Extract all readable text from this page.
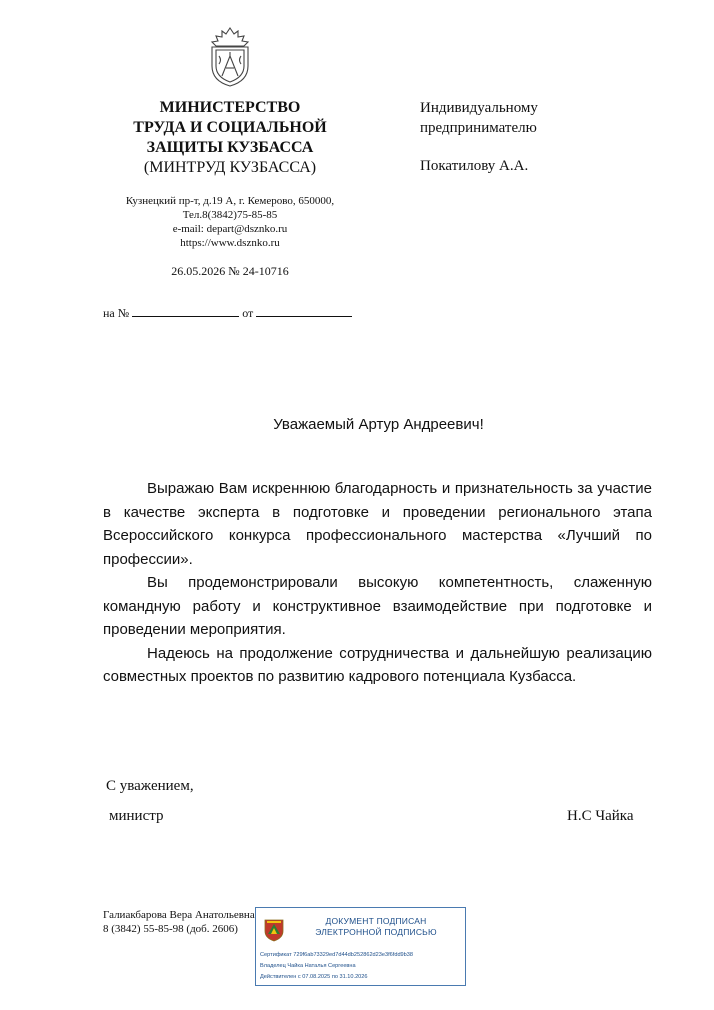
МИНИСТЕРСТВО
ТРУДА И СОЦИАЛЬНОЙ
ЗАЩИТЫ КУЗБАССА
(МИНТРУД КУЗБАССА)
Кузнецкий пр-т, д.19 А, г. Кемерово, 650000,
Тел.8(3842)75-85-85
e-mail: depart@dsznko.ru
https://www.dsznko.ru
26.05.2026 № 24-10716
на №	от
Индивидуальному
предпринимателю
Покатилову А.А.
Уважаемый Артур Андреевич!

Выражаю Вам искреннюю благодарность и признательность за участие в качестве эксперта в подготовке и проведении регионального этапа Всероссийского конкурса профессионального мастерства «Лучший по профессии».

Вы продемонстрировали высокую компетентность, слаженную командную работу и конструктивное взаимодействие при подготовке и проведении мероприятия.

Надеюсь на продолжение сотрудничества и дальнейшую реализацию совместных проектов по развитию кадрового потенциала Кузбасса.

С уважением,
министр	Н.С Чайка
Галиакбарова Вера Анатольевна
8 (3842) 55-85-98 (доб. 2606)
ДОКУМЕНТ ПОДПИСАН
ЭЛЕКТРОННОЙ ПОДПИСЬЮ
Сертификат 729f6ab73329ed7d44db252862d23e3f6fdd9b38
Владелец Чайка Наталья Сергеевна
Действителен с 07.08.2025 по 31.10.2026
